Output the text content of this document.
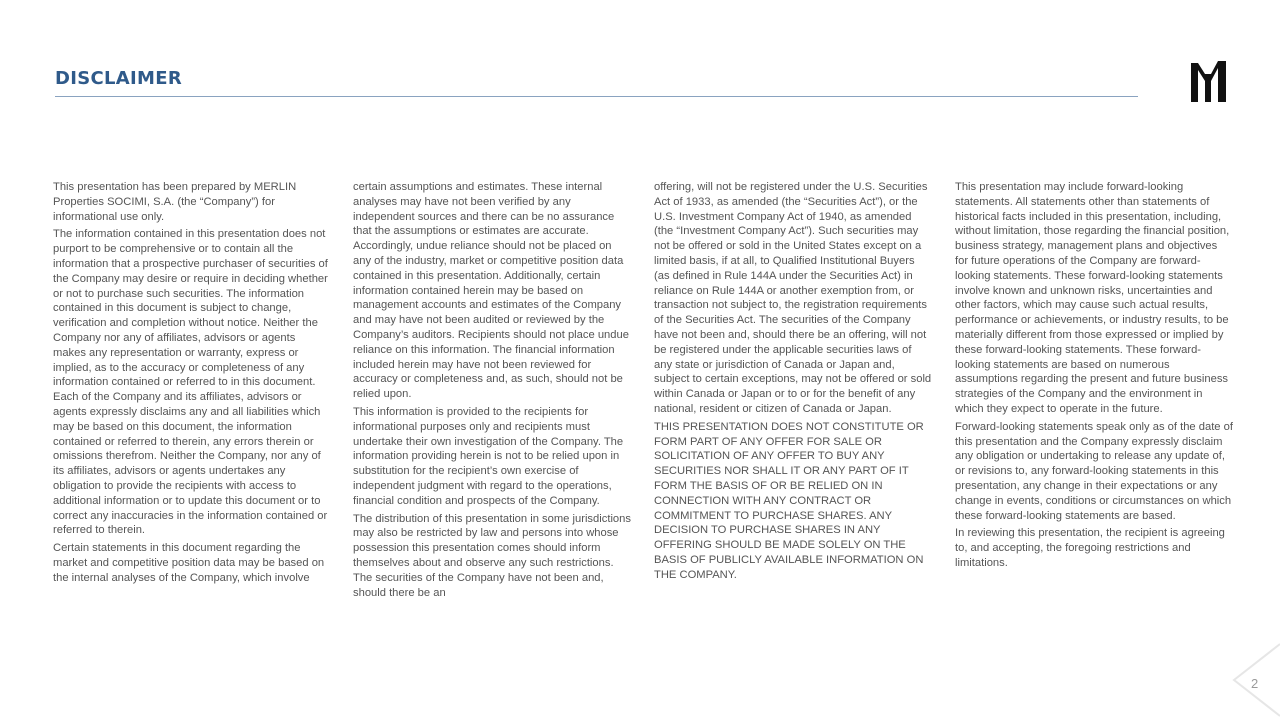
DISCLAIMER

This presentation has been prepared by MERLIN Properties SOCIMI, S.A. (the “Company”) for informational use only.

The information contained in this presentation does not purport to be comprehensive or to contain all the information that a prospective purchaser of securities of the Company may desire or require in deciding whether or not to purchase such securities. The information contained in this document is subject to change, verification and completion without notice. Neither the Company nor any of affiliates, advisors or agents makes any representation or warranty, express or implied, as to the accuracy or completeness of any information contained or referred to in this document. Each of the Company and its affiliates, advisors or agents expressly disclaims any and all liabilities which may be based on this document, the information contained or referred to therein, any errors therein or omissions therefrom. Neither the Company, nor any of its affiliates, advisors or agents undertakes any obligation to provide the recipients with access to additional information or to update this document or to correct any inaccuracies in the information contained or referred to therein.

Certain statements in this document regarding the market and competitive position data may be based on the internal analyses of the Company, which involve

certain assumptions and estimates. These internal analyses may have not been verified by any independent sources and there can be no assurance that the assumptions or estimates are accurate. Accordingly, undue reliance should not be placed on any of the industry, market or competitive position data contained in this presentation. Additionally, certain information contained herein may be based on management accounts and estimates of the Company and may have not been audited or reviewed by the Company’s auditors. Recipients should not place undue reliance on this information. The financial information included herein may have not been reviewed for accuracy or completeness and, as such, should not be relied upon.

This information is provided to the recipients for informational purposes only and recipients must undertake their own investigation of the Company. The information providing herein is not to be relied upon in substitution for the recipient’s own exercise of independent judgment with regard to the operations, financial condition and prospects of the Company.

The distribution of this presentation in some jurisdictions may also be restricted by law and persons into whose possession this presentation comes should inform themselves about and observe any such restrictions. The securities of the Company have not been and, should there be an

offering, will not be registered under the U.S. Securities Act of 1933, as amended (the “Securities Act”), or the U.S. Investment Company Act of 1940, as amended (the “Investment Company Act”). Such securities may not be offered or sold in the United States except on a limited basis, if at all, to Qualified Institutional Buyers (as defined in Rule 144A under the Securities Act) in reliance on Rule 144A or another exemption from, or transaction not subject to, the registration requirements of the Securities Act. The securities of the Company have not been and, should there be an offering, will not be registered under the applicable securities laws of any state or jurisdiction of Canada or Japan and, subject to certain exceptions, may not be offered or sold within Canada or Japan or to or for the benefit of any national, resident or citizen of Canada or Japan.

THIS PRESENTATION DOES NOT CONSTITUTE OR FORM PART OF ANY OFFER FOR SALE OR SOLICITATION OF ANY OFFER TO BUY ANY SECURITIES NOR SHALL IT OR ANY PART OF IT FORM THE BASIS OF OR BE RELIED ON IN CONNECTION WITH ANY CONTRACT OR COMMITMENT TO PURCHASE SHARES. ANY DECISION TO PURCHASE SHARES IN ANY OFFERING SHOULD BE MADE SOLELY ON THE BASIS OF PUBLICLY AVAILABLE INFORMATION ON THE COMPANY.

This presentation may include forward-looking statements. All statements other than statements of historical facts included in this presentation, including, without limitation, those regarding the financial position, business strategy, management plans and objectives for future operations of the Company are forward-looking statements. These forward-looking statements involve known and unknown risks, uncertainties and other factors, which may cause such actual results, performance or achievements, or industry results, to be materially different from those expressed or implied by these forward-looking statements. These forward-looking statements are based on numerous assumptions regarding the present and future business strategies of the Company and the environment in which they expect to operate in the future.

Forward-looking statements speak only as of the date of this presentation and the Company expressly disclaim any obligation or undertaking to release any update of, or revisions to, any forward-looking statements in this presentation, any change in their expectations or any change in events, conditions or circumstances on which these forward-looking statements are based.

In reviewing this presentation, the recipient is agreeing to, and accepting, the foregoing restrictions and limitations.

2
